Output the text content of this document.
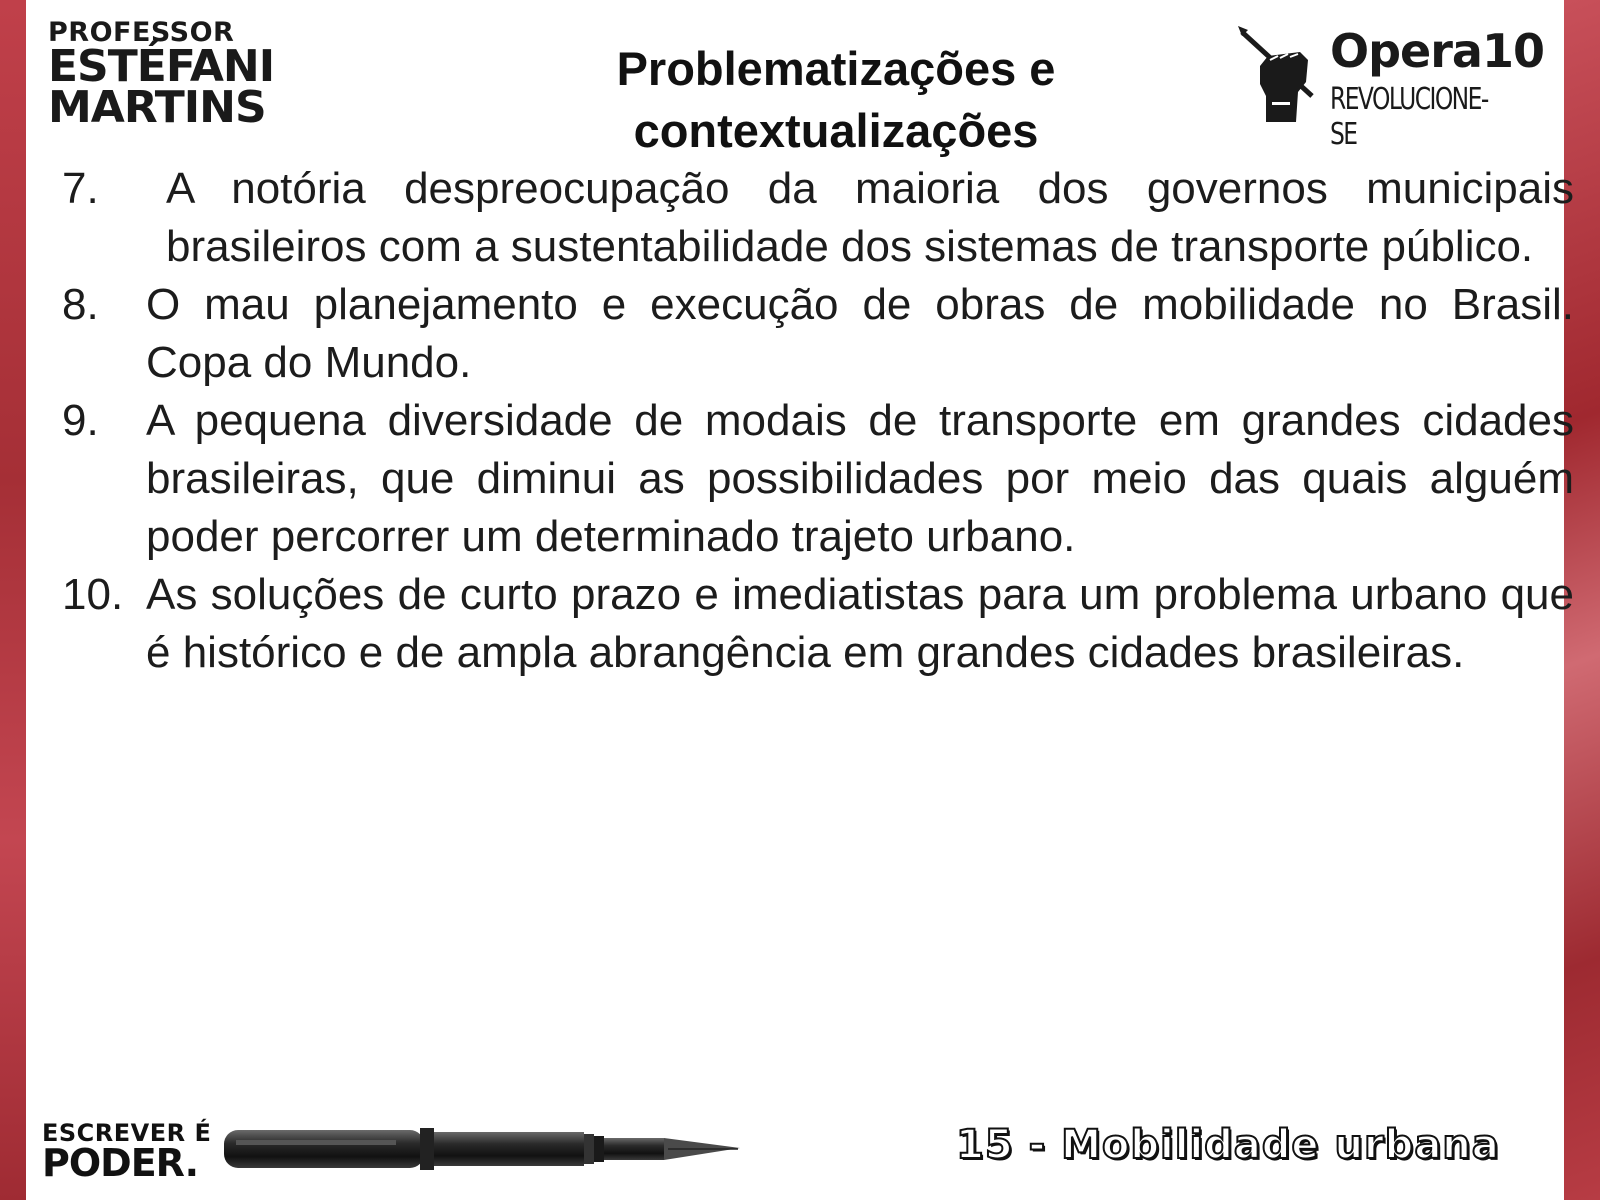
PROFESSOR
ESTÉFANI
MARTINS
Problematizações e
contextualizações
Opera10
REVOLUCIONE-SE
7. A notória despreocupação da maioria dos governos municipais brasileiros com a sustentabilidade dos sistemas de transporte público.
8. O mau planejamento e execução de obras de mobilidade no Brasil. Copa do Mundo.
9. A pequena diversidade de modais de transporte em grandes cidades brasileiras, que diminui as possibilidades por meio das quais alguém poder percorrer um determinado trajeto urbano.
10. As soluções de curto prazo e imediatistas para um problema urbano que é histórico e de ampla abrangência em grandes cidades brasileiras.
ESCREVER É
PODER.	15 - Mobilidade urbana
